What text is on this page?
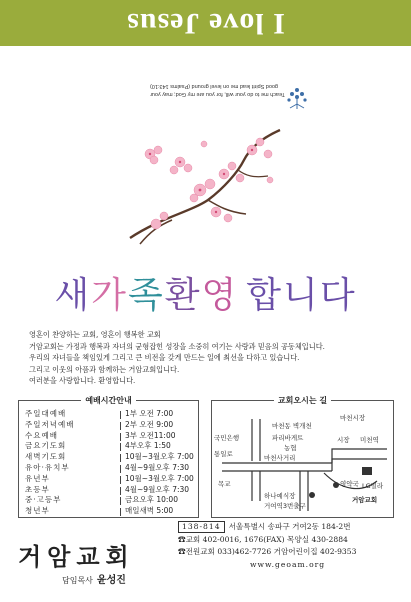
I love Jesus
Teach me to do your will, for you are my God; may your
good Spirit lead me on level ground (Psalms 143:10)
새가족환영 합니다

영혼이 찬양하는 교회, 영혼이 행복한 교회

거암교회는 가정과 행복과 자녀의 균형잡힌 성장을 소중히 여기는 사랑과 믿음의 공동체입니다.

우리의 자녀들을 책임있게 그리고 큰 비전을 갖게 만드는 일에 최선을 다하고 있습니다.

그리고 이웃의 아픔과 함께하는 거암교회입니다.

여러분을 사랑합니다. 환영합니다.

예배시간안내
주일대예배	1부 오전 7:00
주일저녁예배	2부 오전 9:00
수요예배	3부 오전11:00
금요기도회	4부오후 1:50
새벽기도회	10월~3월오후 7:00
유아·유치부	4월~9월오후 7:30
유년부	10월~3월오후 7:00
초등부	4월~9월오후 7:30
중·고등부	금요오후 10:00
청년부	매일새벽 5:00
교회오시는 길
마천동 벽개천
마천시장
국민은행	파리바게트
농협
시장 미천역
통일로	마천사거리
영약국 LG빌라
목교
하나예식장
거여역3번출구
거암교회
거암교회
담임목사 윤성진
138-814 서울특별시 송파구 거여2동 184-2번
☎교회 402-0016, 1676(FAX) 목양실 430-2884
☎전원교회 033)462-7726 거암어린이집 402-9353
www.geoam.org
